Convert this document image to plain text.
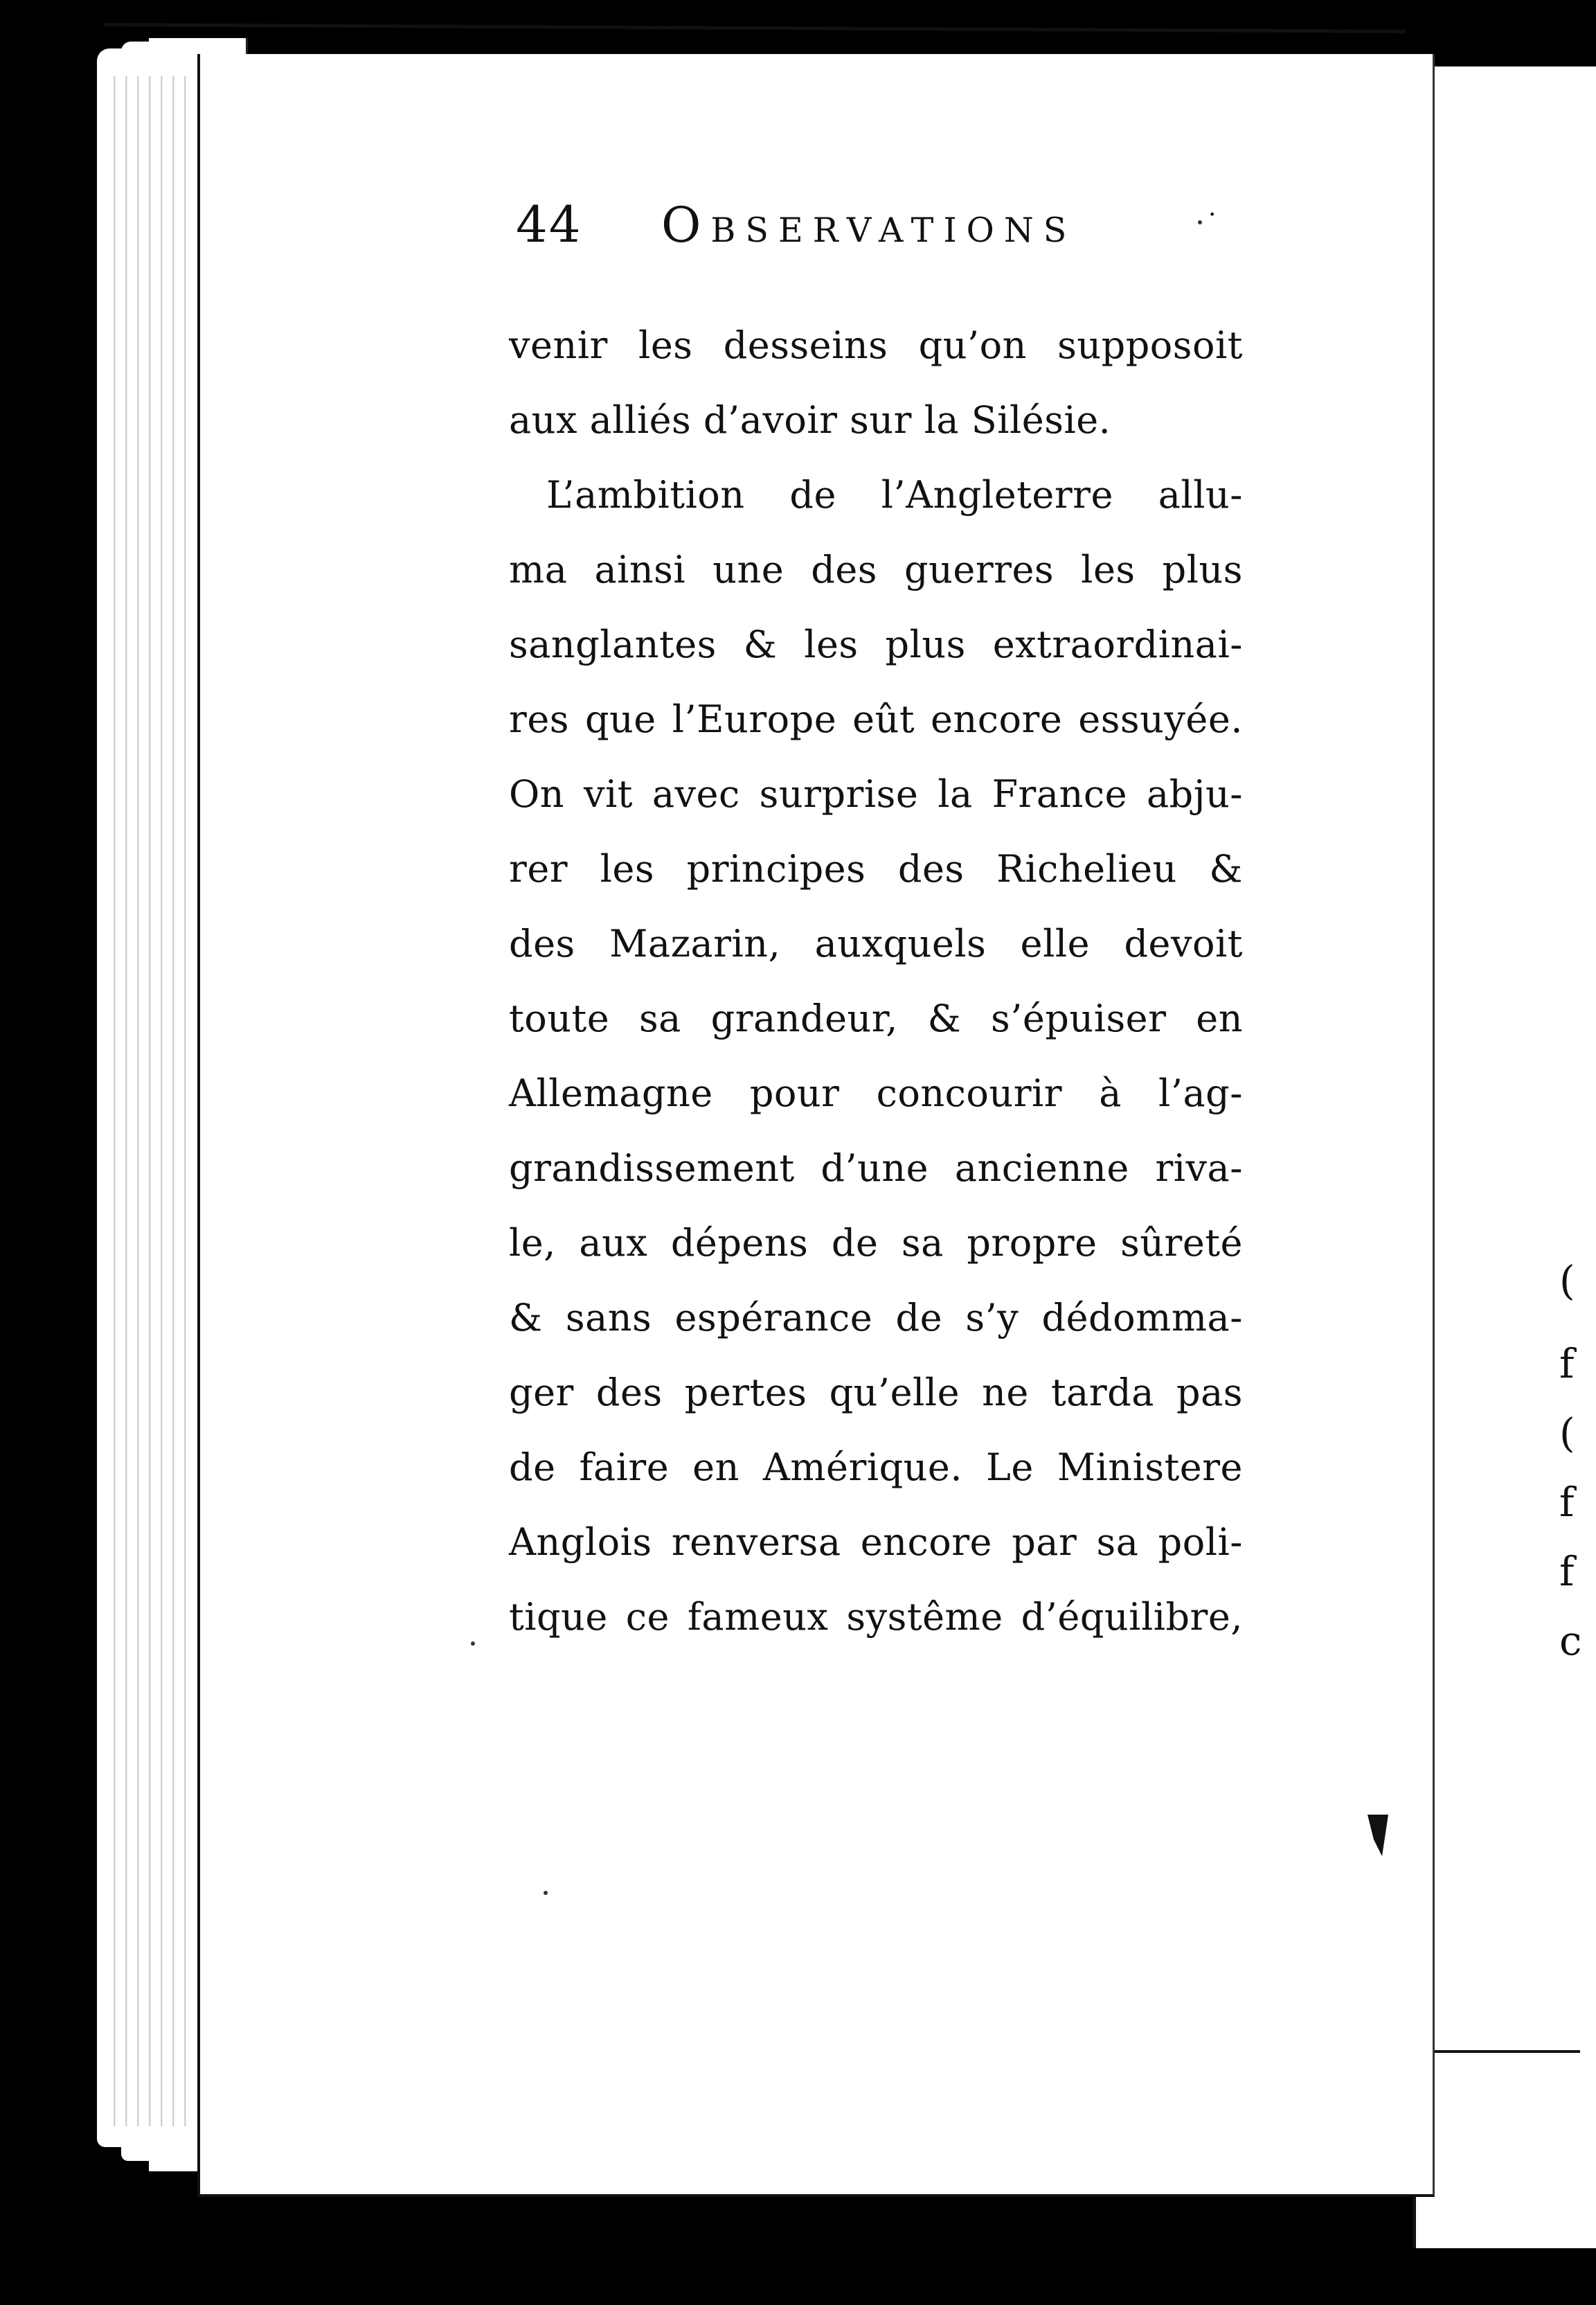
(
f
(
f
f
c
44 Observations	·
venir les desseins qu’on supposoit
aux alliés d’avoir sur la Silésie.
L’ambition de l’Angleterre allu-
ma ainsi une des guerres les plus
sanglantes & les plus extraordinai-
res que l’Europe eût encore essuyée.
On vit avec surprise la France abju-
rer les principes des Richelieu &
des Mazarin, auxquels elle devoit
toute sa grandeur, & s’épuiser en
Allemagne pour concourir à l’ag-
grandissement d’une ancienne riva-
le, aux dépens de sa propre sûreté
& sans espérance de s’y dédomma-
ger des pertes qu’elle ne tarda pas
de faire en Amérique. Le Ministere
Anglois renversa encore par sa poli-
tique ce fameux systême d’équilibre,
